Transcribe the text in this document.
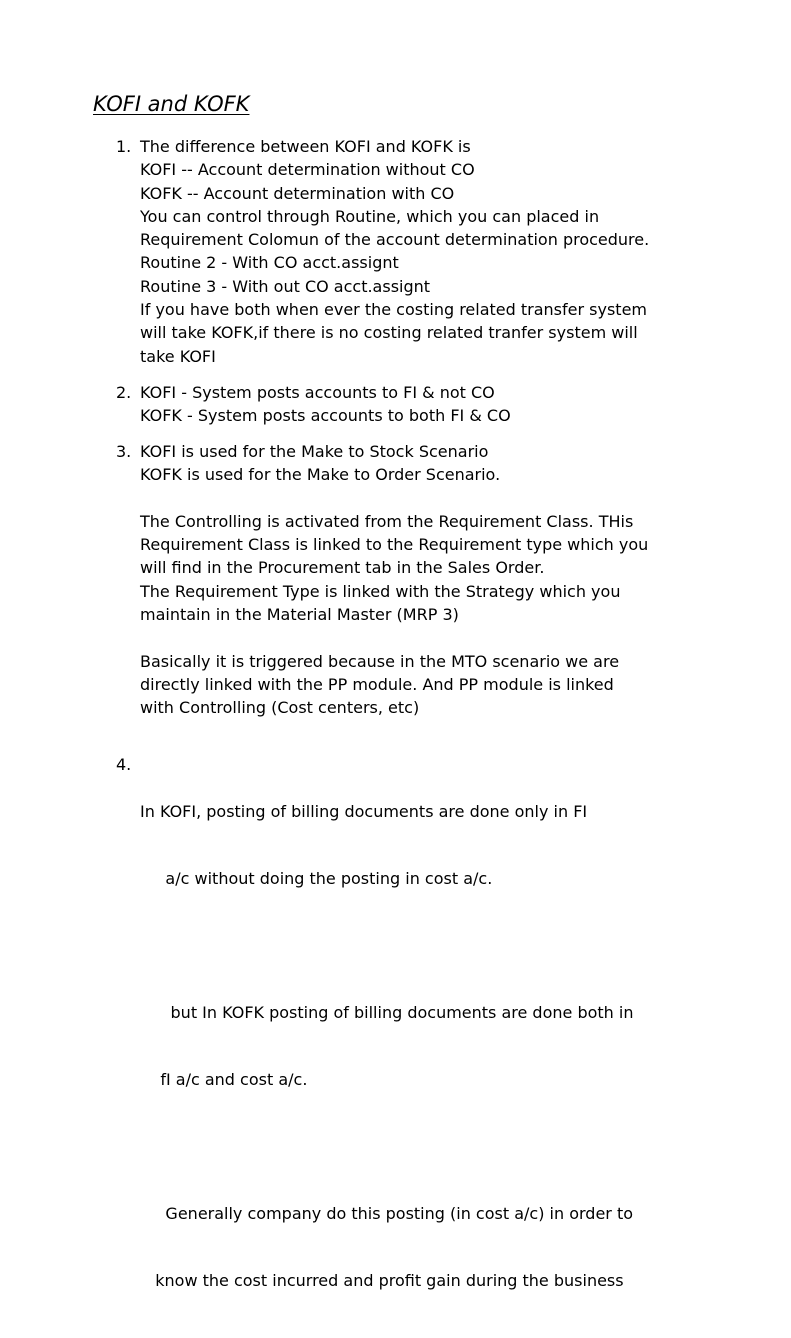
KOFI and KOFK
1. The difference between KOFI and KOFK is
KOFI -- Account determination without CO
KOFK -- Account determination with CO
You can control through Routine, which you can placed in
Requirement Colomun of the account determination procedure.
Routine 2 - With CO acct.assignt
Routine 3 - With out CO acct.assignt
If you have both when ever the costing related transfer system
will take KOFK,if there is no costing related tranfer system will
take KOFI
2. KOFI - System posts accounts to FI & not CO
KOFK - System posts accounts to both FI & CO
3. KOFI is used for the Make to Stock Scenario
KOFK is used for the Make to Order Scenario.
The Controlling is activated from the Requirement Class. THis
Requirement Class is linked to the Requirement type which you
will find in the Procurement tab in the Sales Order.
The Requirement Type is linked with the Strategy which you
maintain in the Material Master (MRP 3)
Basically it is triggered because in the MTO scenario we are
directly linked with the PP module. And PP module is linked
with Controlling (Cost centers, etc)
4.

In KOFI, posting of billing documents are done only in FI

a/c without doing the posting in cost a/c.

but In KOFK posting of billing documents are done both in

fI a/c and cost a/c.

Generally company do this posting (in cost a/c) in order to

know the cost incurred and profit gain during the business
